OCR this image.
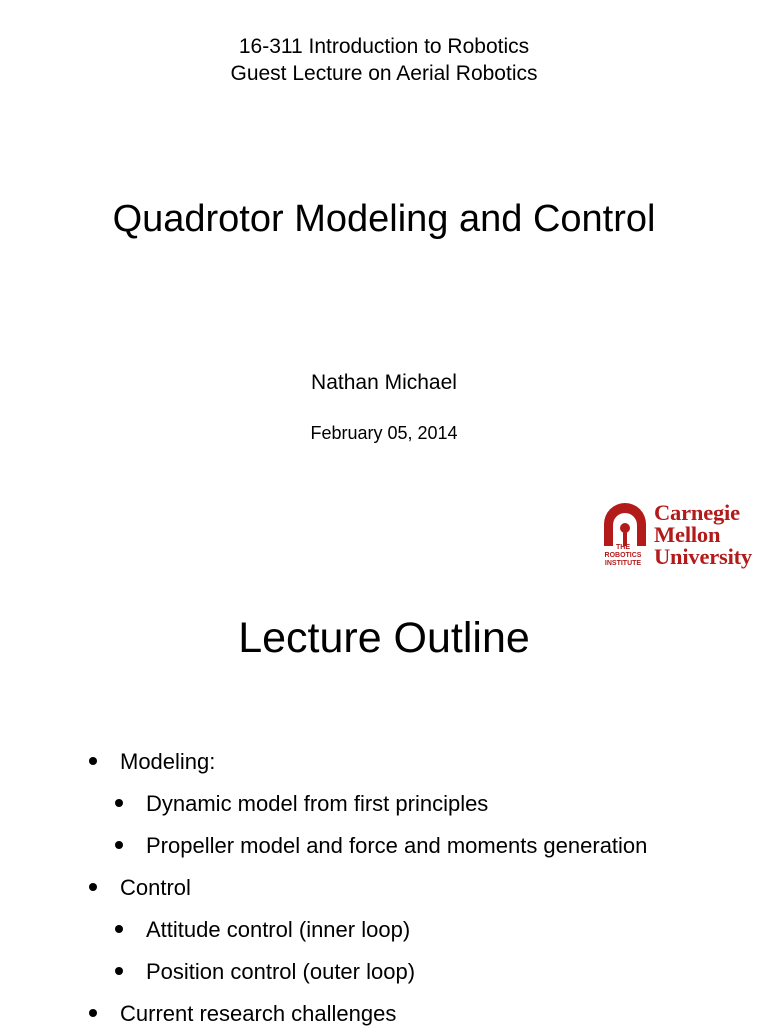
16-311 Introduction to Robotics
Guest Lecture on Aerial Robotics
Quadrotor Modeling and Control
Nathan Michael
February 05, 2014
THE
ROBOTICS
INSTITUTE
Carnegie
Mellon
University
Lecture Outline
Modeling:
Dynamic model from first principles
Propeller model and force and moments generation
Control
Attitude control (inner loop)
Position control (outer loop)
Current research challenges
